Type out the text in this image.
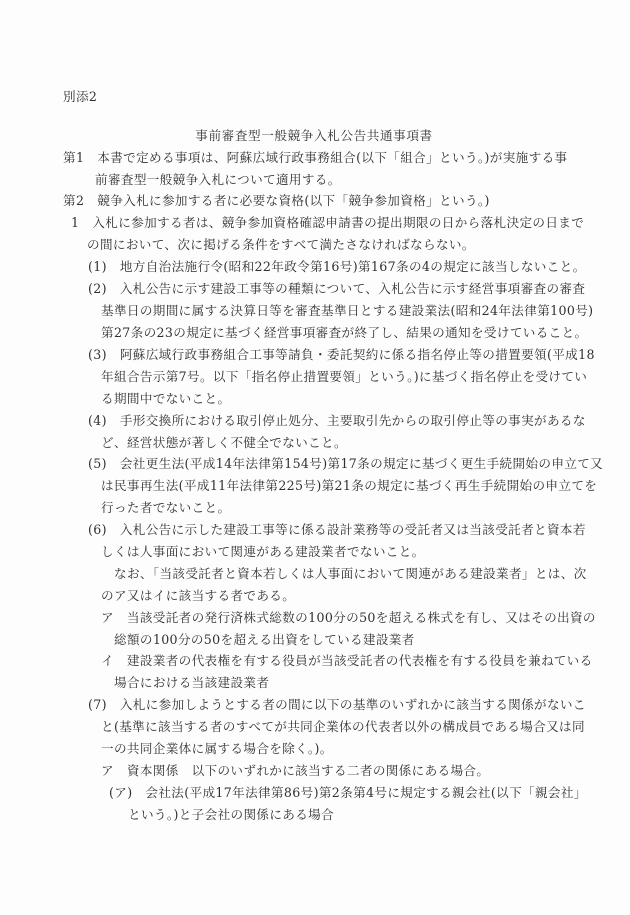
別添2
事前審査型一般競争入札公告共通事項書
第1　本書で定める事項は、阿蘇広域行政事務組合(以下「組合」という。)が実施する事
前審査型一般競争入札について適用する。
第2　競争入札に参加する者に必要な資格(以下「競争参加資格」という。)
1　入札に参加する者は、競争参加資格確認申請書の提出期限の日から落札決定の日まで
の間において、次に掲げる条件をすべて満たさなければならない。
(1)　地方自治法施行令(昭和22年政令第16号)第167条の4の規定に該当しないこと。
(2)　入札公告に示す建設工事等の種類について、入札公告に示す経営事項審査の審査
基準日の期間に属する決算日等を審査基準日とする建設業法(昭和24年法律第100号)
第27条の23の規定に基づく経営事項審査が終了し、結果の通知を受けていること。
(3)　阿蘇広域行政事務組合工事等請負・委託契約に係る指名停止等の措置要領(平成18
年組合告示第7号。以下「指名停止措置要領」という。)に基づく指名停止を受けてい
る期間中でないこと。
(4)　手形交換所における取引停止処分、主要取引先からの取引停止等の事実があるな
ど、経営状態が著しく不健全でないこと。
(5)　会社更生法(平成14年法律第154号)第17条の規定に基づく更生手続開始の申立て又
は民事再生法(平成11年法律第225号)第21条の規定に基づく再生手続開始の申立てを
行った者でないこと。
(6)　入札公告に示した建設工事等に係る設計業務等の受託者又は当該受託者と資本若
しくは人事面において関連がある建設業者でないこと。
なお、「当該受託者と資本若しくは人事面において関連がある建設業者」とは、次
のア又はイに該当する者である。
ア　当該受託者の発行済株式総数の100分の50を超える株式を有し、又はその出資の
総額の100分の50を超える出資をしている建設業者
イ　建設業者の代表権を有する役員が当該受託者の代表権を有する役員を兼ねている
場合における当該建設業者
(7)　入札に参加しようとする者の間に以下の基準のいずれかに該当する関係がないこ
と(基準に該当する者のすべてが共同企業体の代表者以外の構成員である場合又は同
一の共同企業体に属する場合を除く。)。
ア　資本関係　以下のいずれかに該当する二者の関係にある場合。
(ア)　会社法(平成17年法律第86号)第2条第4号に規定する親会社(以下「親会社」
という。)と子会社の関係にある場合
